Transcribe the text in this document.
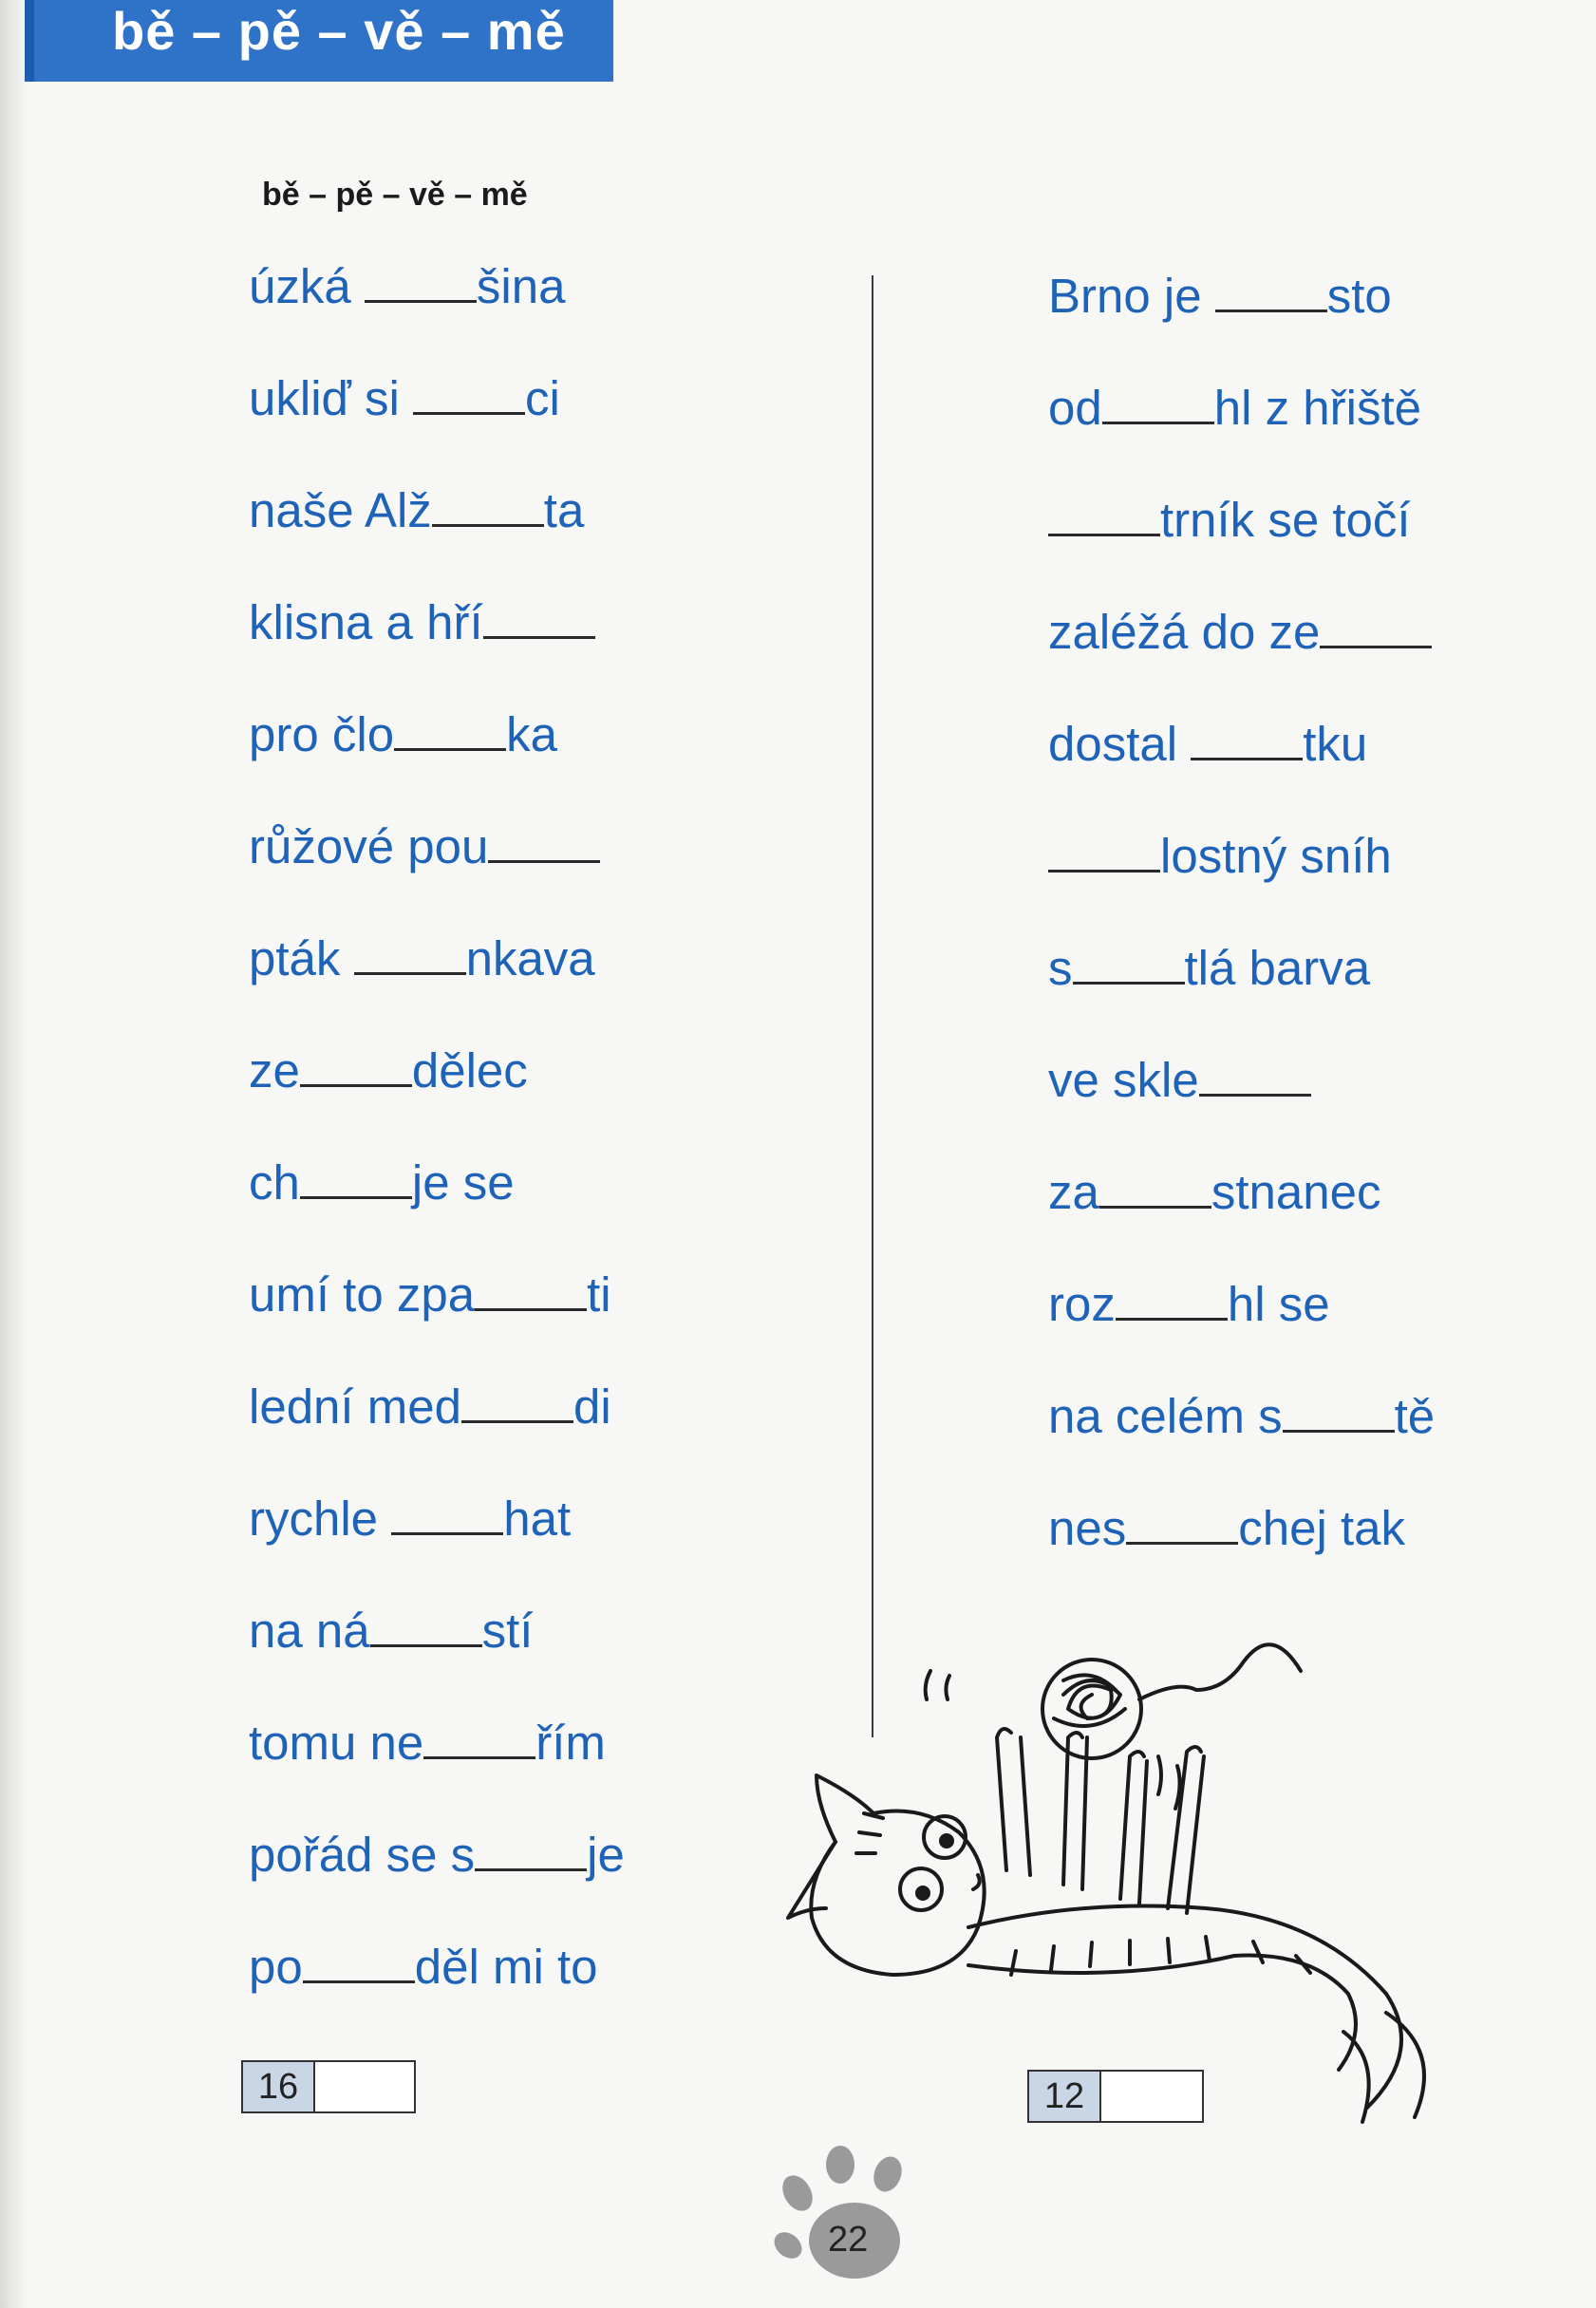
bě – pě – vě – mě
bě – pě – vě – mě
úzká šina
ukliď si ci
naše Alž ta
klisna a hří
pro člo ka
růžové pou
pták nkava
ze dělec
ch je se
umí to zpa ti
lední med di
rychle hat
na ná stí
tomu ne řím
pořád se s je
po děl mi to
Brno je sto
od hl z hřiště
trník se točí
zaléžá do ze
dostal tku
lostný sníh
s tlá barva
ve skle
za stnanec
roz hl se
na celém s tě
nes chej tak
16	12
22
